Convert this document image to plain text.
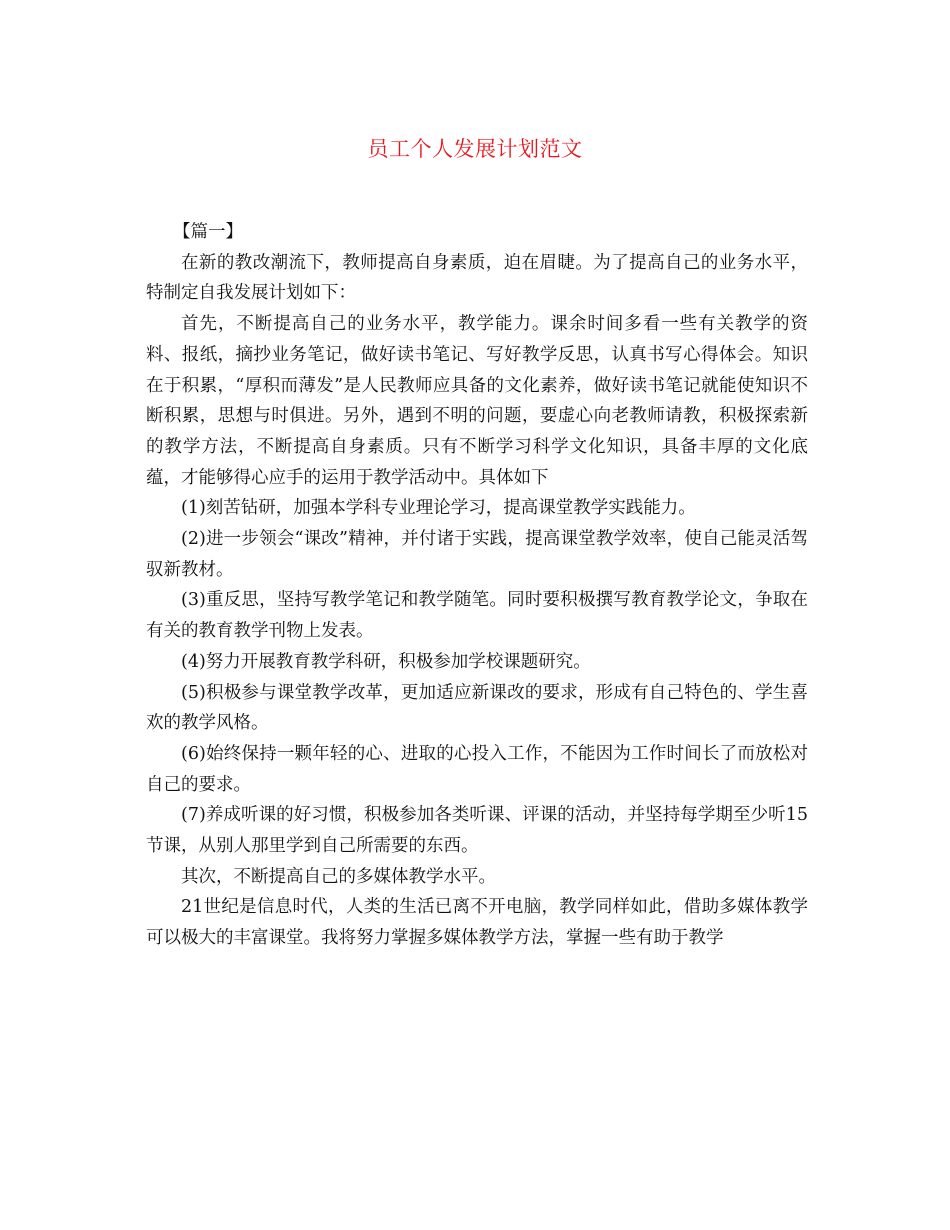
员工个人发展计划范文

【篇一】

在新的教改潮流下，教师提高自身素质，迫在眉睫。为了提高自己的业务水平，特制定自我发展计划如下：

首先，不断提高自己的业务水平，教学能力。课余时间多看一些有关教学的资料、报纸，摘抄业务笔记，做好读书笔记、写好教学反思，认真书写心得体会。知识在于积累，“厚积而薄发”是人民教师应具备的文化素养，做好读书笔记就能使知识不断积累，思想与时俱进。另外，遇到不明的问题，要虚心向老教师请教，积极探索新的教学方法，不断提高自身素质。只有不断学习科学文化知识，具备丰厚的文化底蕴，才能够得心应手的运用于教学活动中。具体如下

(1)刻苦钻研，加强本学科专业理论学习，提高课堂教学实践能力。

(2)进一步领会“课改”精神，并付诸于实践，提高课堂教学效率，使自己能灵活驾驭新教材。

(3)重反思，坚持写教学笔记和教学随笔。同时要积极撰写教育教学论文，争取在有关的教育教学刊物上发表。

(4)努力开展教育教学科研，积极参加学校课题研究。

(5)积极参与课堂教学改革，更加适应新课改的要求，形成有自己特色的、学生喜欢的教学风格。

(6)始终保持一颗年轻的心、进取的心投入工作，不能因为工作时间长了而放松对自己的要求。

(7)养成听课的好习惯，积极参加各类听课、评课的活动，并坚持每学期至少听15节课，从别人那里学到自己所需要的东西。

其次，不断提高自己的多媒体教学水平。

21世纪是信息时代，人类的生活已离不开电脑，教学同样如此，借助多媒体教学可以极大的丰富课堂。我将努力掌握多媒体教学方法，掌握一些有助于教学
